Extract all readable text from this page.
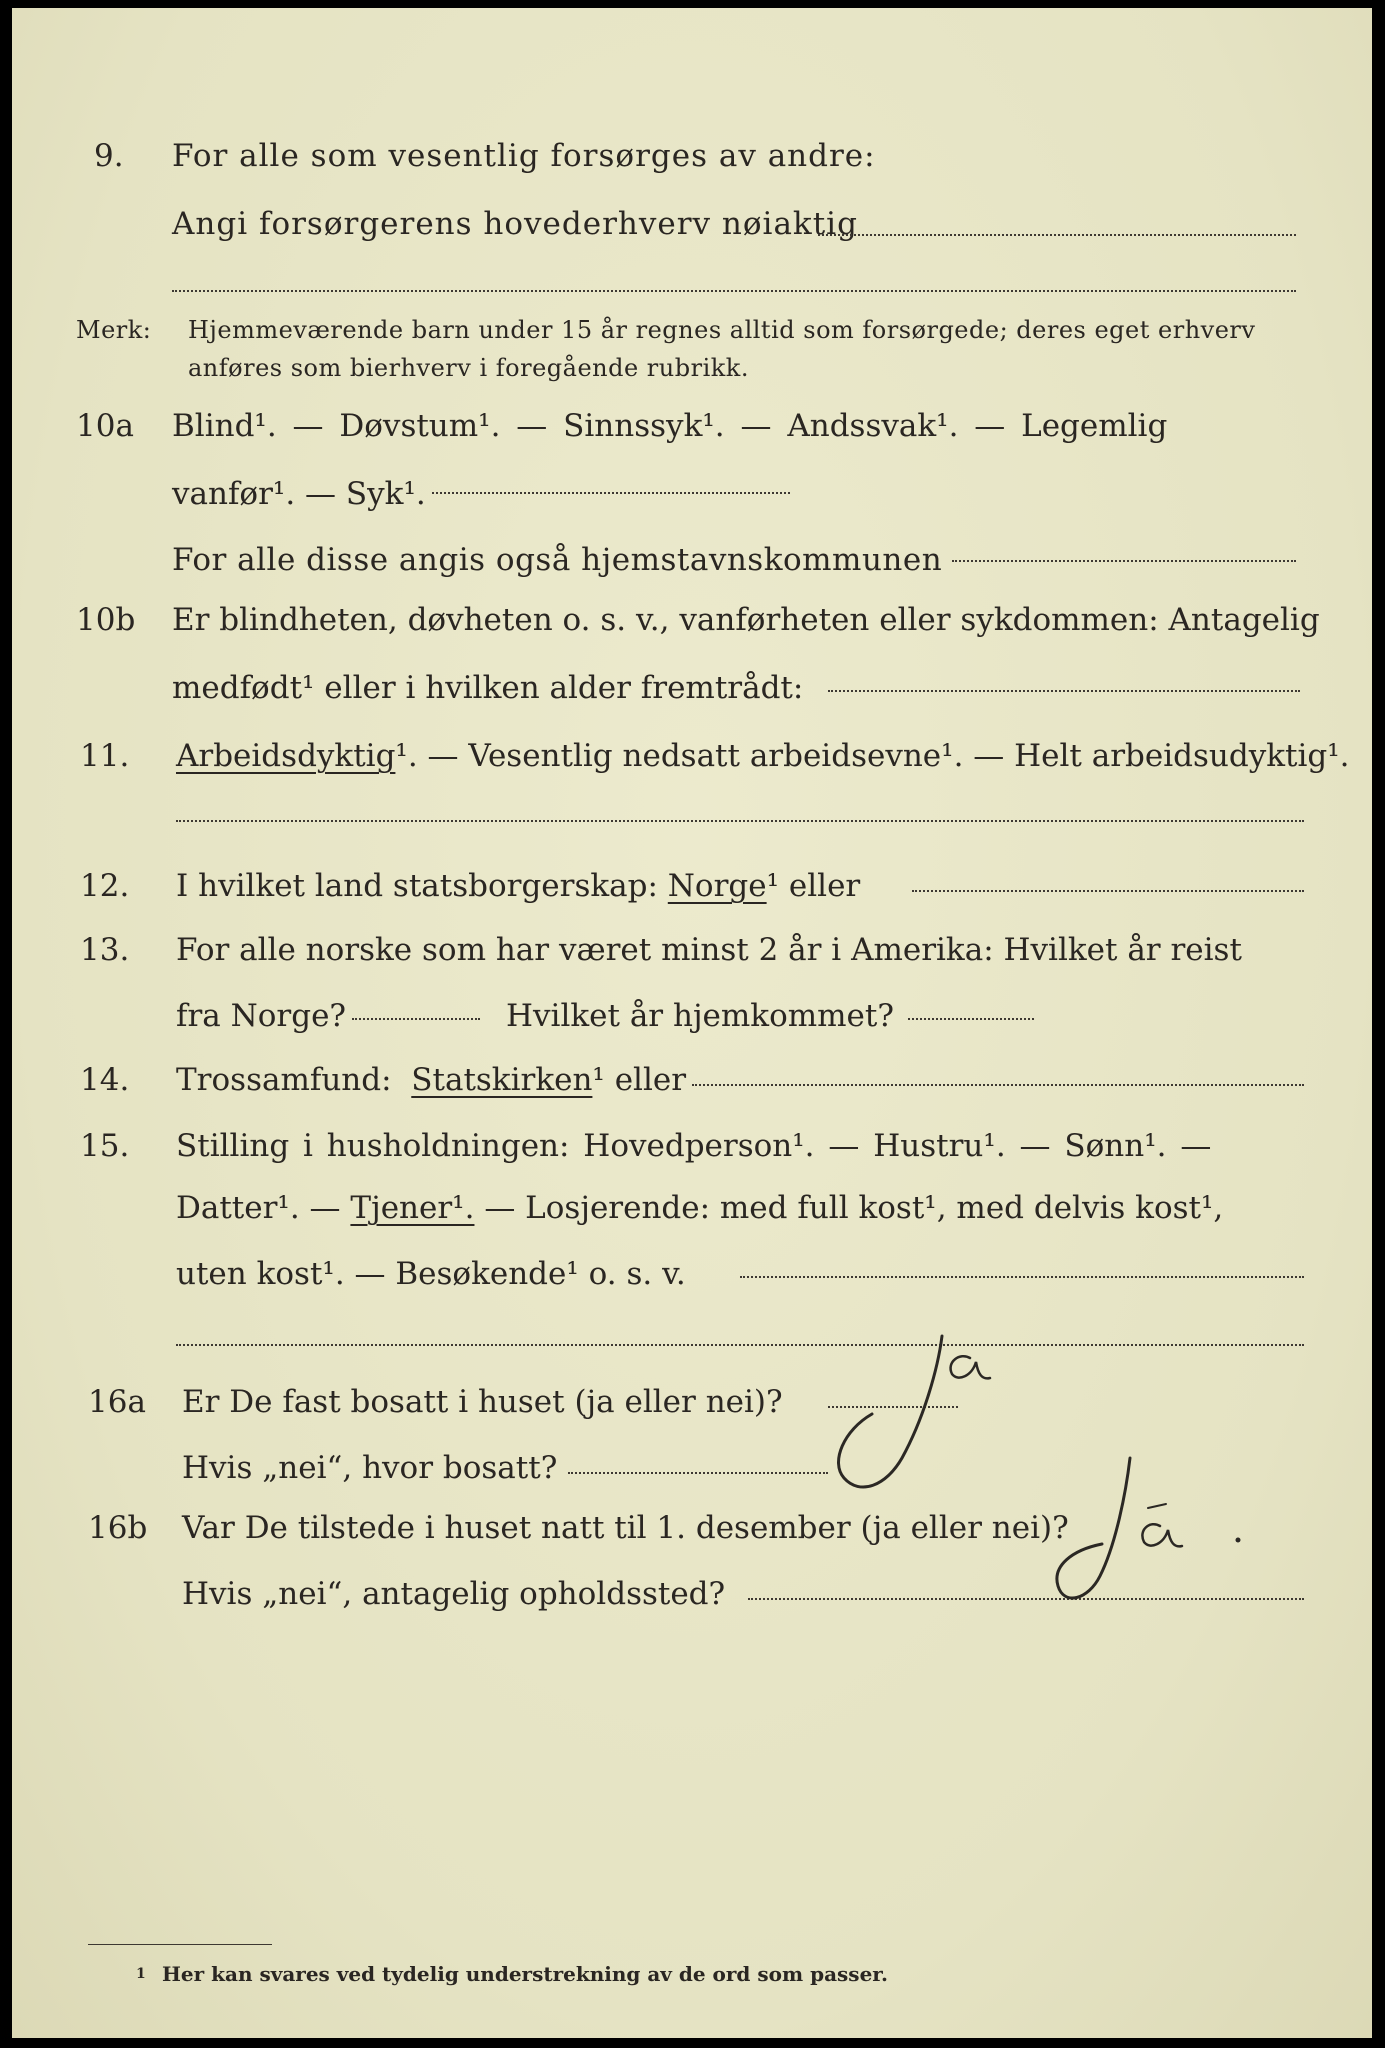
9. For alle som vesentlig forsørges av andre:
Angi forsørgerens hovederhverv nøiaktig
Merk: Hjemmeværende barn under 15 år regnes alltid som forsørgede; deres eget erhverv
anføres som bierhverv i foregående rubrikk.
10a Blind¹. — Døvstum¹. — Sinnssyk¹. — Andssvak¹. — Legemlig
vanfør¹. — Syk¹.
For alle disse angis også hjemstavnskommunen
10b Er blindheten, døvheten o. s. v., vanførheten eller sykdommen: Antagelig
medfødt¹ eller i hvilken alder fremtrådt:
11. Arbeidsdyktig¹. — Vesentlig nedsatt arbeidsevne¹. — Helt arbeidsudyktig¹.
12. I hvilket land statsborgerskap: Norge¹ eller
13. For alle norske som har været minst 2 år i Amerika: Hvilket år reist
fra Norge?	Hvilket år hjemkommet?
14. Trossamfund: Statskirken¹ eller
15. Stilling i husholdningen: Hovedperson¹. — Hustru¹. — Sønn¹. —
Datter¹. — Tjener¹. — Losjerende: med full kost¹, med delvis kost¹,
uten kost¹. — Besøkende¹ o. s. v.
16a Er De fast bosatt i huset (ja eller nei)?
Hvis „nei“, hvor bosatt?
16b Var De tilstede i huset natt til 1. desember (ja eller nei)?
Hvis „nei“, antagelig opholdssted?
1 Her kan svares ved tydelig understrekning av de ord som passer.
